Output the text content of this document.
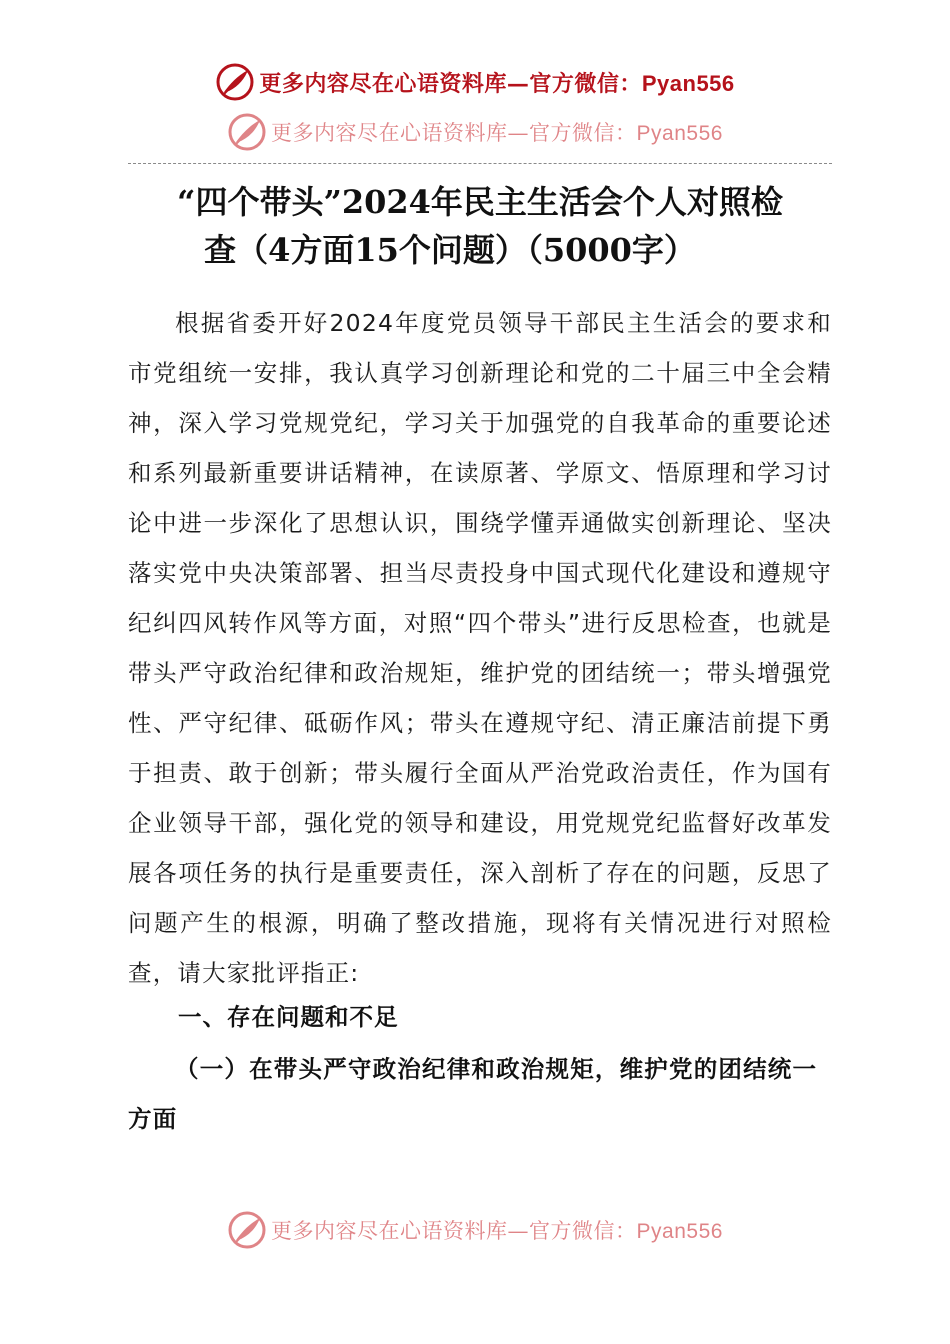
更多内容尽在心语资料库—官方微信：Pyan556
更多内容尽在心语资料库—官方微信：Pyan556
“四个带头”2024年民主生活会个人对照检
查（4方面15个问题）（5000字）

根据省委开好2024年度党员领导干部民主生活会的要求和市党组统一安排，我认真学习创新理论和党的二十届三中全会精神，深入学习党规党纪，学习关于加强党的自我革命的重要论述和系列最新重要讲话精神，在读原著、学原文、悟原理和学习讨论中进一步深化了思想认识，围绕学懂弄通做实创新理论、坚决落实党中央决策部署、担当尽责投身中国式现代化建设和遵规守纪纠四风转作风等方面，对照“四个带头”进行反思检查，也就是带头严守政治纪律和政治规矩，维护党的团结统一；带头增强党性、严守纪律、砥砺作风；带头在遵规守纪、清正廉洁前提下勇于担责、敢于创新；带头履行全面从严治党政治责任，作为国有企业领导干部，强化党的领导和建设，用党规党纪监督好改革发展各项任务的执行是重要责任，深入剖析了存在的问题，反思了问题产生的根源，明确了整改措施，现将有关情况进行对照检查，请大家批评指正:

一、存在问题和不足
（一）在带头严守政治纪律和政治规矩，维护党的团结统一方面
更多内容尽在心语资料库—官方微信：Pyan556
